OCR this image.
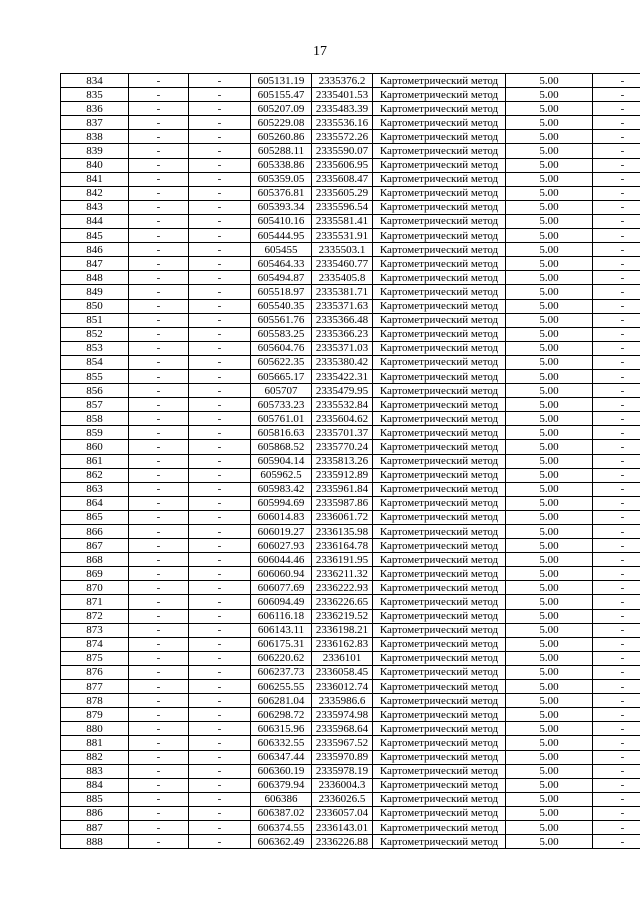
17
834	-	-	605131.19	2335376.2	Картометрический метод	5.00	-
835	-	-	605155.47	2335401.53	Картометрический метод	5.00	-
836	-	-	605207.09	2335483.39	Картометрический метод	5.00	-
837	-	-	605229.08	2335536.16	Картометрический метод	5.00	-
838	-	-	605260.86	2335572.26	Картометрический метод	5.00	-
839	-	-	605288.11	2335590.07	Картометрический метод	5.00	-
840	-	-	605338.86	2335606.95	Картометрический метод	5.00	-
841	-	-	605359.05	2335608.47	Картометрический метод	5.00	-
842	-	-	605376.81	2335605.29	Картометрический метод	5.00	-
843	-	-	605393.34	2335596.54	Картометрический метод	5.00	-
844	-	-	605410.16	2335581.41	Картометрический метод	5.00	-
845	-	-	605444.95	2335531.91	Картометрический метод	5.00	-
846	-	-	605455	2335503.1	Картометрический метод	5.00	-
847	-	-	605464.33	2335460.77	Картометрический метод	5.00	-
848	-	-	605494.87	2335405.8	Картометрический метод	5.00	-
849	-	-	605518.97	2335381.71	Картометрический метод	5.00	-
850	-	-	605540.35	2335371.63	Картометрический метод	5.00	-
851	-	-	605561.76	2335366.48	Картометрический метод	5.00	-
852	-	-	605583.25	2335366.23	Картометрический метод	5.00	-
853	-	-	605604.76	2335371.03	Картометрический метод	5.00	-
854	-	-	605622.35	2335380.42	Картометрический метод	5.00	-
855	-	-	605665.17	2335422.31	Картометрический метод	5.00	-
856	-	-	605707	2335479.95	Картометрический метод	5.00	-
857	-	-	605733.23	2335532.84	Картометрический метод	5.00	-
858	-	-	605761.01	2335604.62	Картометрический метод	5.00	-
859	-	-	605816.63	2335701.37	Картометрический метод	5.00	-
860	-	-	605868.52	2335770.24	Картометрический метод	5.00	-
861	-	-	605904.14	2335813.26	Картометрический метод	5.00	-
862	-	-	605962.5	2335912.89	Картометрический метод	5.00	-
863	-	-	605983.42	2335961.84	Картометрический метод	5.00	-
864	-	-	605994.69	2335987.86	Картометрический метод	5.00	-
865	-	-	606014.83	2336061.72	Картометрический метод	5.00	-
866	-	-	606019.27	2336135.98	Картометрический метод	5.00	-
867	-	-	606027.93	2336164.78	Картометрический метод	5.00	-
868	-	-	606044.46	2336191.95	Картометрический метод	5.00	-
869	-	-	606060.94	2336211.32	Картометрический метод	5.00	-
870	-	-	606077.69	2336222.93	Картометрический метод	5.00	-
871	-	-	606094.49	2336226.65	Картометрический метод	5.00	-
872	-	-	606116.18	2336219.52	Картометрический метод	5.00	-
873	-	-	606143.11	2336198.21	Картометрический метод	5.00	-
874	-	-	606175.31	2336162.83	Картометрический метод	5.00	-
875	-	-	606220.62	2336101	Картометрический метод	5.00	-
876	-	-	606237.73	2336058.45	Картометрический метод	5.00	-
877	-	-	606255.55	2336012.74	Картометрический метод	5.00	-
878	-	-	606281.04	2335986.6	Картометрический метод	5.00	-
879	-	-	606298.72	2335974.98	Картометрический метод	5.00	-
880	-	-	606315.96	2335968.64	Картометрический метод	5.00	-
881	-	-	606332.55	2335967.52	Картометрический метод	5.00	-
882	-	-	606347.44	2335970.89	Картометрический метод	5.00	-
883	-	-	606360.19	2335978.19	Картометрический метод	5.00	-
884	-	-	606379.94	2336004.3	Картометрический метод	5.00	-
885	-	-	606386	2336026.5	Картометрический метод	5.00	-
886	-	-	606387.02	2336057.04	Картометрический метод	5.00	-
887	-	-	606374.55	2336143.01	Картометрический метод	5.00	-
888	-	-	606362.49	2336226.88	Картометрический метод	5.00	-
